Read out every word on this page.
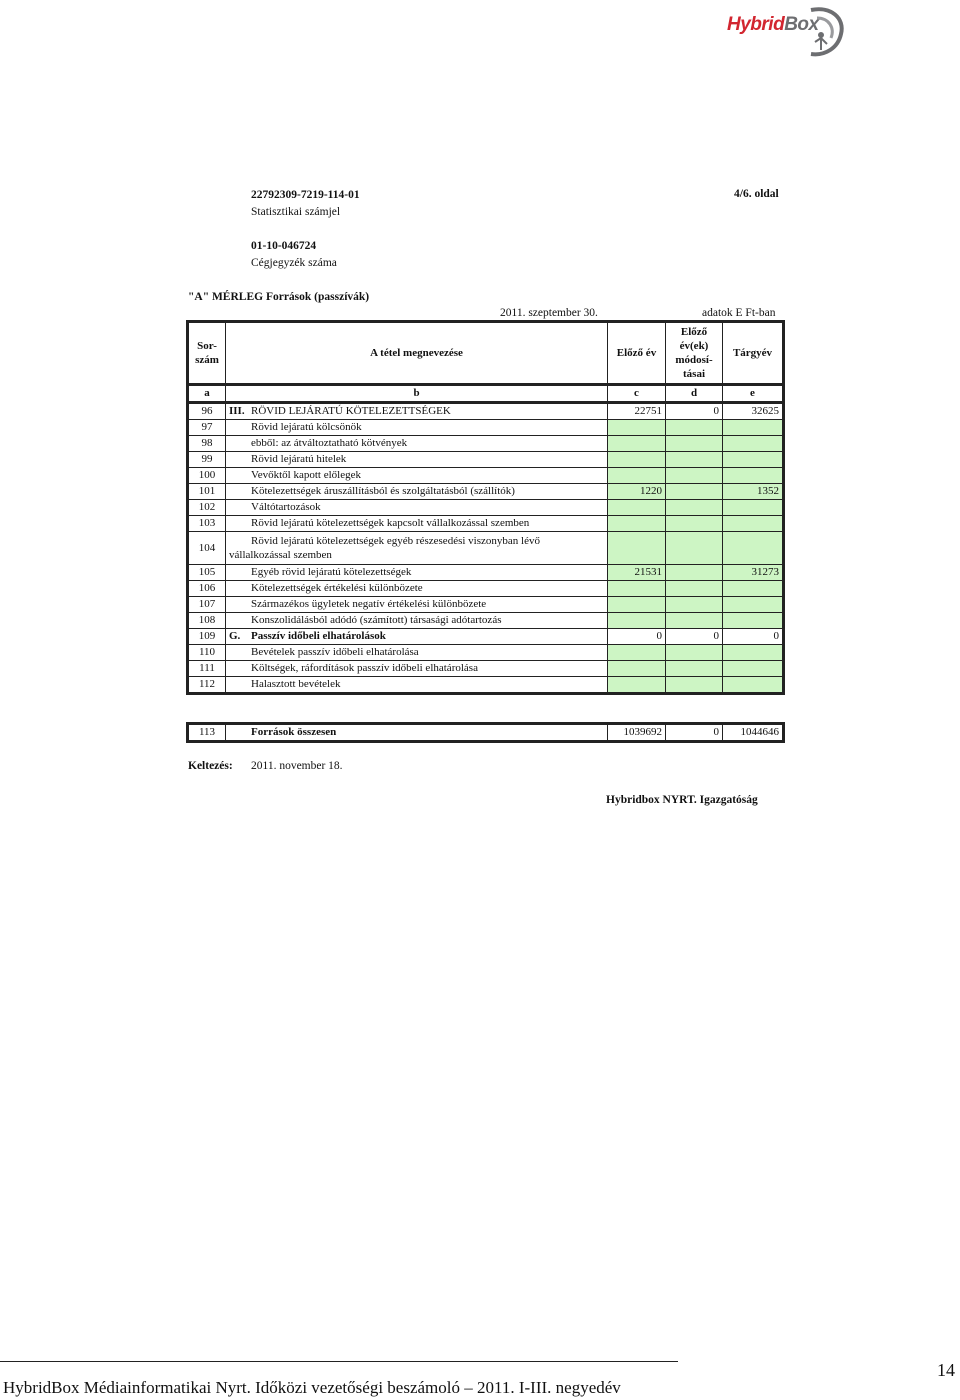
HybridBox
22792309-7219-114-01
Statisztikai számjel
4/6. oldal
01-10-046724
Cégjegyzék száma
"A" MÉRLEG Források (passzívák)
2011. szeptember 30.	adatok E Ft-ban
Sor-szám	A tétel megnevezése	Előző év	Előző év(ek) módosí-tásai	Tárgyév
a	b	c	d	e
96	III. RÖVID LEJÁRATÚ KÖTELEZETTSÉGEK	22751	0	32625
97	Rövid lejáratú kölcsönök			
98	ebből: az átváltoztatható kötvények			
99	Rövid lejáratú hitelek			
100	Vevőktől kapott előlegek			
101	Kötelezettségek áruszállításból és szolgáltatásból (szállítók)	1220		1352
102	Váltótartozások			
103	Rövid lejáratú kötelezettségek kapcsolt vállalkozással szemben			
104	Rövid lejáratú kötelezettségek egyéb részesedési viszonyban lévő vállalkozással szemben			
105	Egyéb rövid lejáratú kötelezettségek	21531		31273
106	Kötelezettségek értékelési különbözete			
107	Származékos ügyletek negatív értékelési különbözete			
108	Konszolidálásból adódó (számított) társasági adótartozás			
109	G. Passzív időbeli elhatárolások	0	0	0
110	Bevételek passzív időbeli elhatárolása			
111	Költségek, ráfordítások passzív időbeli elhatárolása			
112	Halasztott bevételek			
113	Források összesen	1039692	0	1044646
Keltezés: 2011. november 18.
Hybridbox NYRT. Igazgatóság
HybridBox Médiainformatikai Nyrt. Időközi vezetőségi beszámoló – 2011. I-III. negyedév
14
